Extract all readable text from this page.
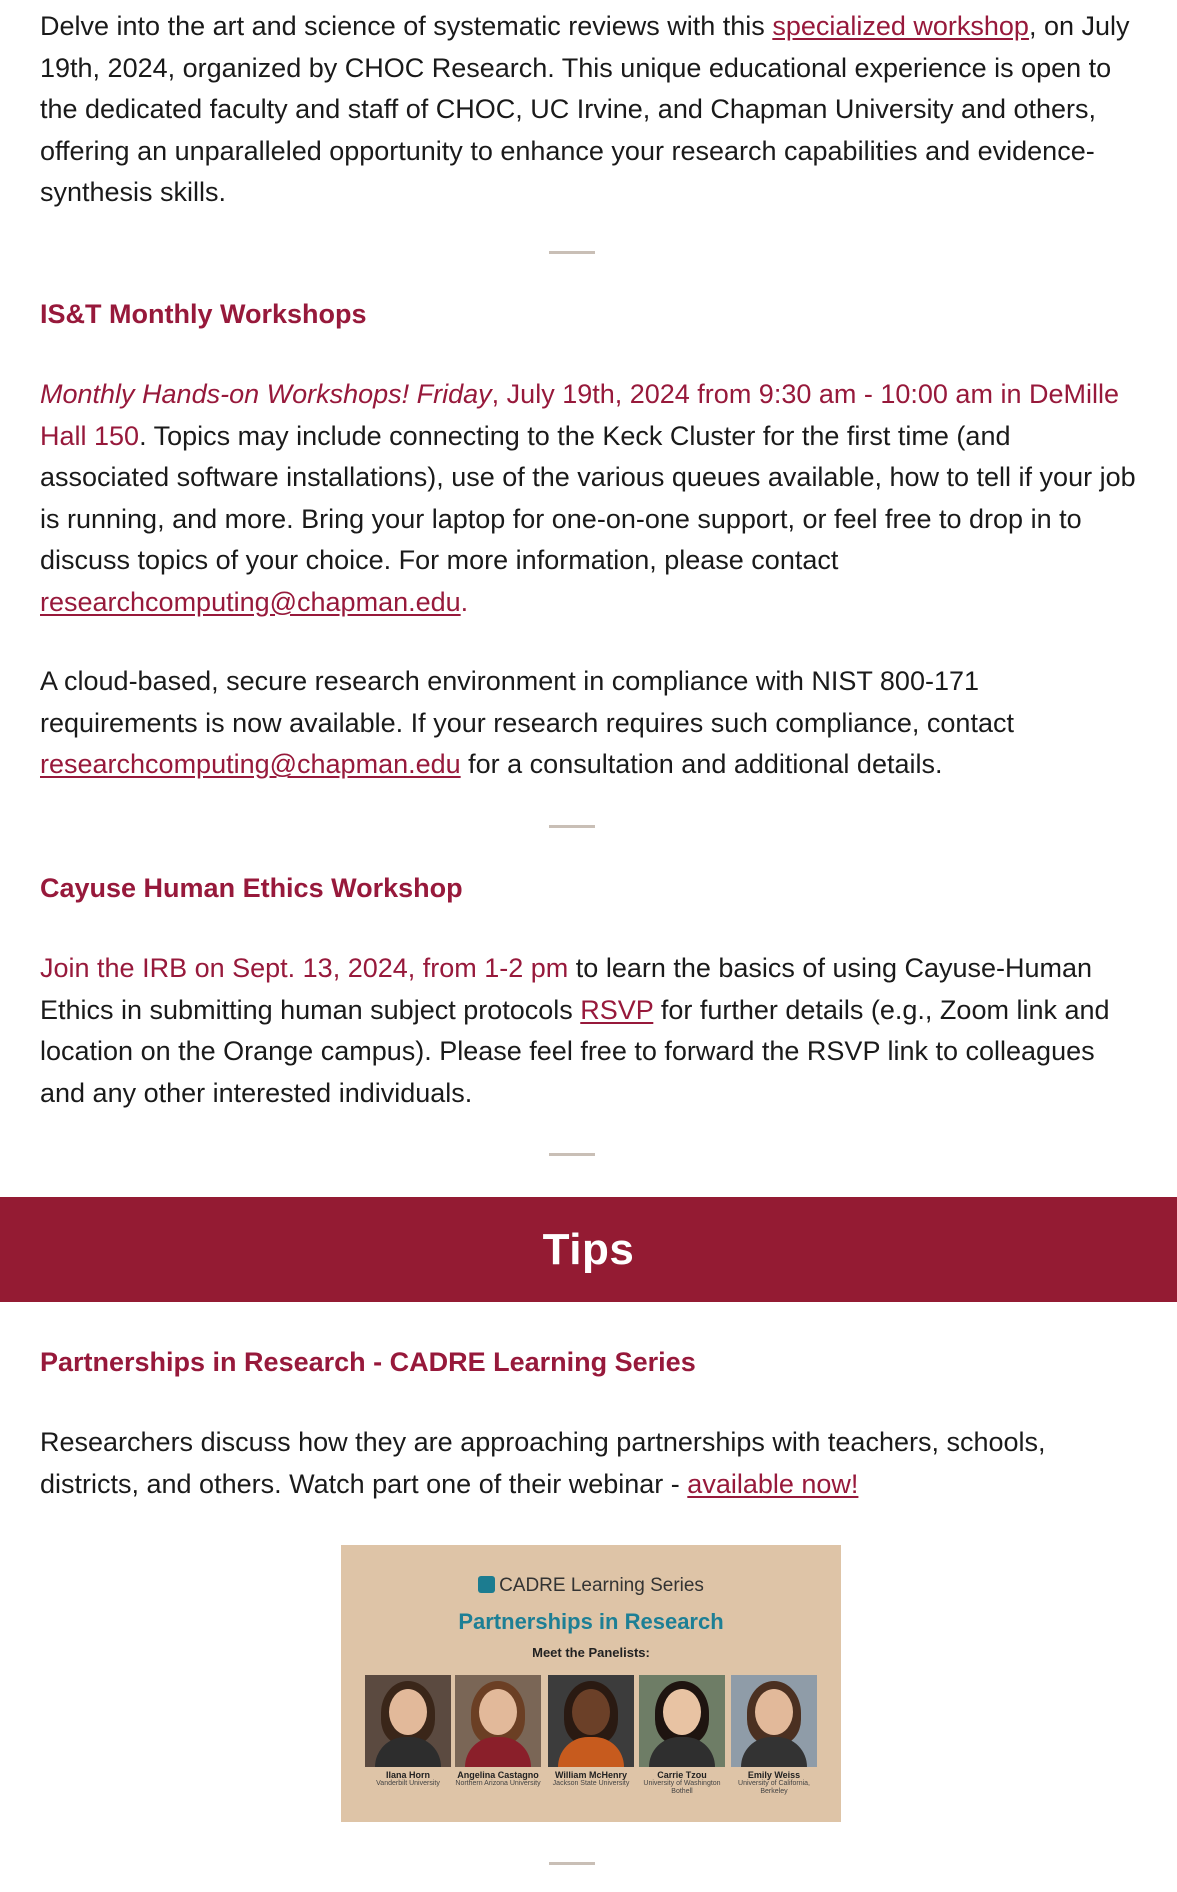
Delve into the art and science of systematic reviews with this specialized workshop, on July 19th, 2024, organized by CHOC Research. This unique educational experience is open to the dedicated faculty and staff of CHOC, UC Irvine, and Chapman University and others, offering an unparalleled opportunity to enhance your research capabilities and evidence-synthesis skills.

IS&T Monthly Workshops

Monthly Hands-on Workshops! Friday, July 19th, 2024 from 9:30 am - 10:00 am in DeMille Hall 150. Topics may include connecting to the Keck Cluster for the first time (and associated software installations), use of the various queues available, how to tell if your job is running, and more. Bring your laptop for one-on-one support, or feel free to drop in to discuss topics of your choice. For more information, please contact researchcomputing@chapman.edu.

A cloud-based, secure research environment in compliance with NIST 800-171 requirements is now available. If your research requires such compliance, contact researchcomputing@chapman.edu for a consultation and additional details.

Cayuse Human Ethics Workshop

Join the IRB on Sept. 13, 2024, from 1-2 pm to learn the basics of using Cayuse-Human Ethics in submitting human subject protocols RSVP for further details (e.g., Zoom link and location on the Orange campus). Please feel free to forward the RSVP link to colleagues and any other interested individuals.

Tips
Partnerships in Research - CADRE Learning Series

Researchers discuss how they are approaching partnerships with teachers, schools, districts, and others. Watch part one of their webinar - available now!

CADRE Learning Series
Partnerships in Research
Meet the Panelists:
Ilana Horn
Vanderbilt University
Angelina Castagno
Northern Arizona University
William McHenry
Jackson State University
Carrie Tzou
University of Washington Bothell
Emily Weiss
University of California, Berkeley
